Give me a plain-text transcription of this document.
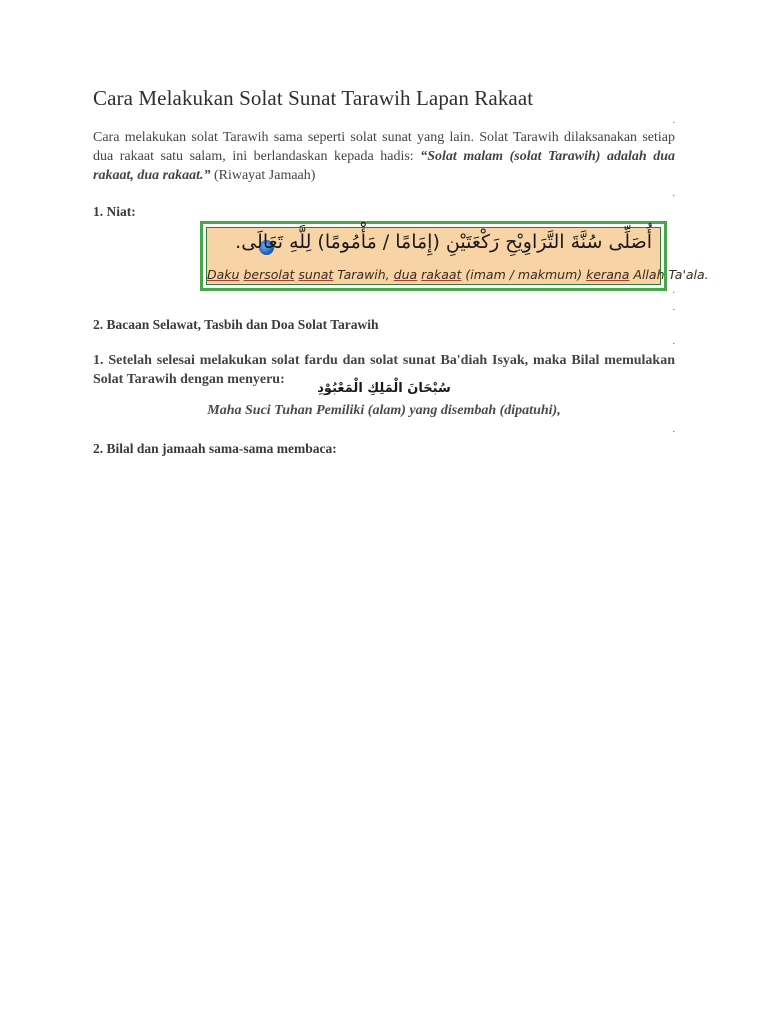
Cara Melakukan Solat Sunat Tarawih Lapan Rakaat
.

Cara melakukan solat Tarawih sama seperti solat sunat yang lain. Solat Tarawih dilaksanakan setiap dua rakaat satu salam, ini berlandaskan kepada hadis: “Solat malam (solat Tarawih) adalah dua rakaat, dua rakaat.” (Riwayat Jamaah)

.
1. Niat:
أُصَلِّى سُنَّةَ التَّرَاوِيْحِ رَكْعَتَيْنِ (إِمَامًا / مَأْمُومًا) لِلَّهِ تَعَالَى.
Daku bersolat sunat Tarawih, dua rakaat (imam / makmum) kerana Allah Ta'ala.
.
.
2. Bacaan Selawat, Tasbih dan Doa Solat Tarawih
.

1. Setelah selesai melakukan solat fardu dan solat sunat Ba'diah Isyak, maka Bilal memulakan Solat Tarawih dengan menyeru:

سُبْحَانَ الْمَلِكِ الْمَعْبُوْدِ
Maha Suci Tuhan Pemiliki (alam) yang disembah (dipatuhi),
.
2. Bilal dan jamaah sama-sama membaca:
